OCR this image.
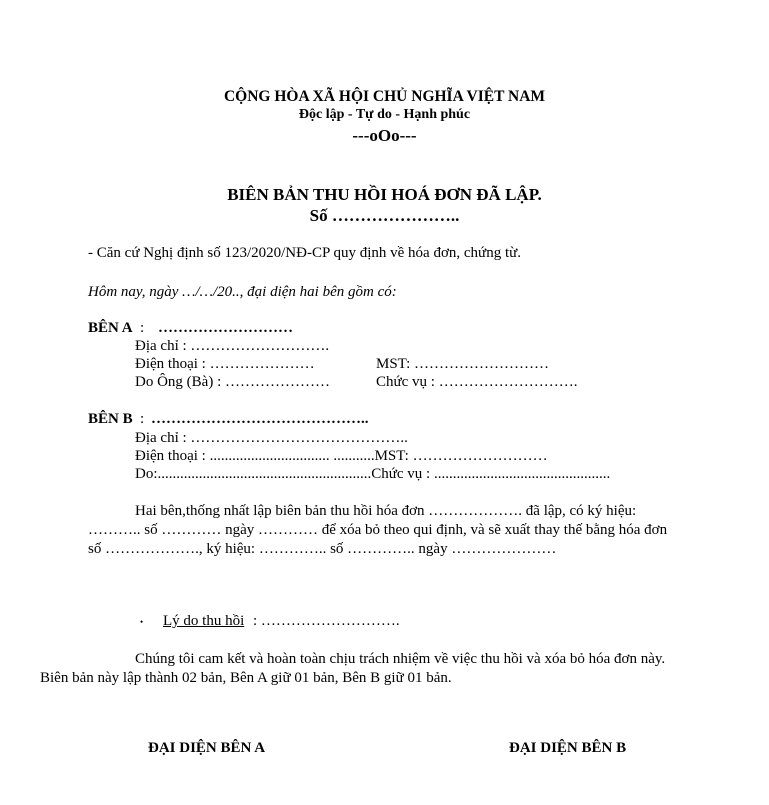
CỘNG HÒA XÃ HỘI CHỦ NGHĨA VIỆT NAM
Độc lập - Tự do - Hạnh phúc
---oOo---
BIÊN BẢN THU HỒI HOÁ ĐƠN ĐÃ LẬP.
Số …………………..
- Căn cứ Nghị định số 123/2020/NĐ-CP quy định về hóa đơn, chứng từ.
Hôm nay, ngày …/…/20.., đại diện hai bên gồm có:
BÊN A : ………………………
Địa chỉ : ……………………….
Điện thoại : …………………	MST: ………………………
Do Ông (Bà) : …………………	Chức vụ : ……………………….
BÊN B : ……………………………………..
Địa chỉ : ……………………………………..
Điện thoại : ................................ ...........MST: ………………………
Do:.........................................................Chức vụ : ...............................................
Hai bên,thống nhất lập biên bản thu hồi hóa đơn ………………. đã lập, có ký hiệu:
……….. số ………… ngày ………… để xóa bỏ theo qui định, và sẽ xuất thay thế bằng hóa đơn
số ………………., ký hiệu: ………….. số ………….. ngày …………………
• Lý do thu hồi : ……………………….
Chúng tôi cam kết và hoàn toàn chịu trách nhiệm về việc thu hồi và xóa bỏ hóa đơn này.
Biên bản này lập thành 02 bản, Bên A giữ 01 bản, Bên B giữ 01 bản.
ĐẠI DIỆN BÊN A	ĐẠI DIỆN BÊN B
